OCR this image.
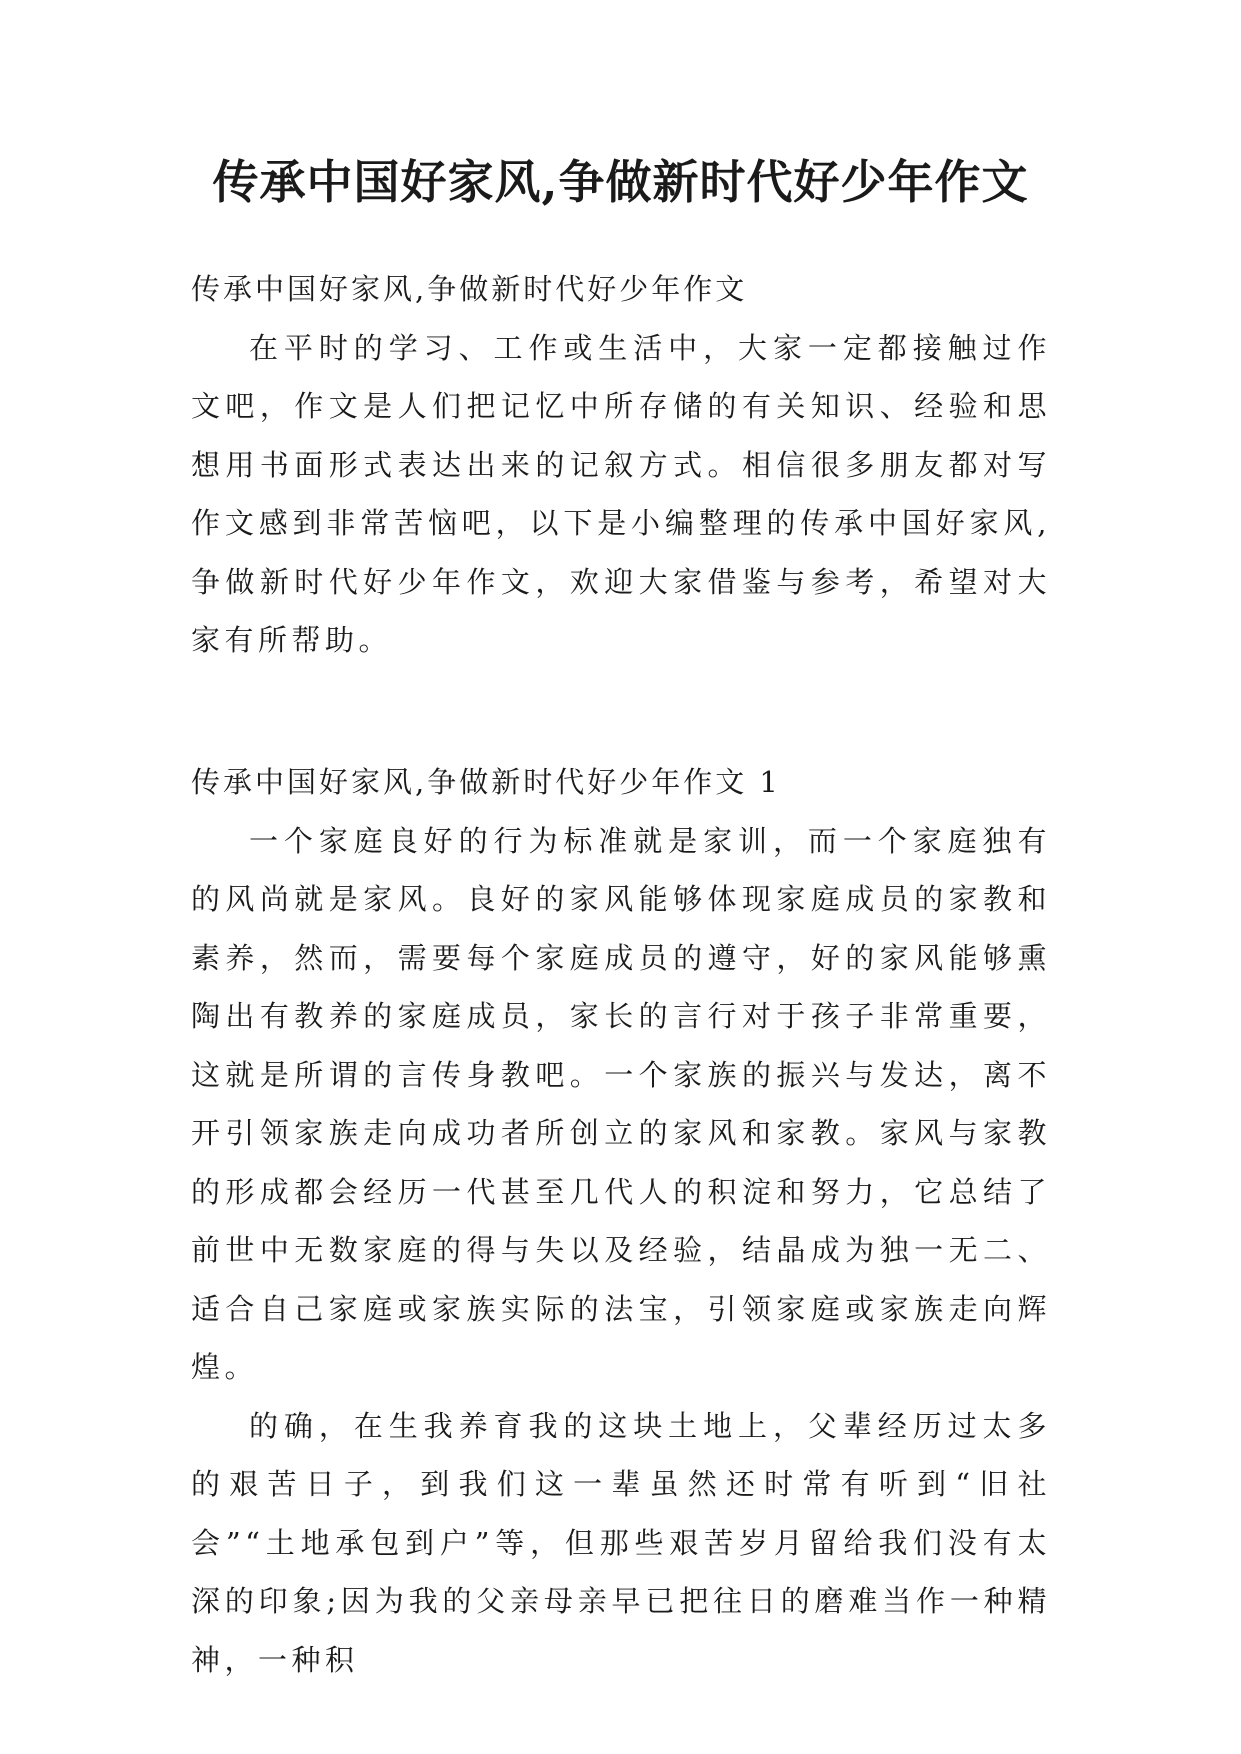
传承中国好家风,争做新时代好少年作文

传承中国好家风,争做新时代好少年作文

在平时的学习、工作或生活中，大家一定都接触过作文吧，作文是人们把记忆中所存储的有关知识、经验和思想用书面形式表达出来的记叙方式。相信很多朋友都对写作文感到非常苦恼吧，以下是小编整理的传承中国好家风,争做新时代好少年作文，欢迎大家借鉴与参考，希望对大家有所帮助。

传承中国好家风,争做新时代好少年作文 1

一个家庭良好的行为标准就是家训，而一个家庭独有的风尚就是家风。良好的家风能够体现家庭成员的家教和素养，然而，需要每个家庭成员的遵守，好的家风能够熏陶出有教养的家庭成员，家长的言行对于孩子非常重要，这就是所谓的言传身教吧。一个家族的振兴与发达，离不开引领家族走向成功者所创立的家风和家教。家风与家教的形成都会经历一代甚至几代人的积淀和努力，它总结了前世中无数家庭的得与失以及经验，结晶成为独一无二、适合自己家庭或家族实际的法宝，引领家庭或家族走向辉煌。

的确，在生我养育我的这块土地上，父辈经历过太多的艰苦日子，到我们这一辈虽然还时常有听到“旧社会”“土地承包到户”等，但那些艰苦岁月留给我们没有太深的印象;因为我的父亲母亲早已把往日的磨难当作一种精神，一种积
